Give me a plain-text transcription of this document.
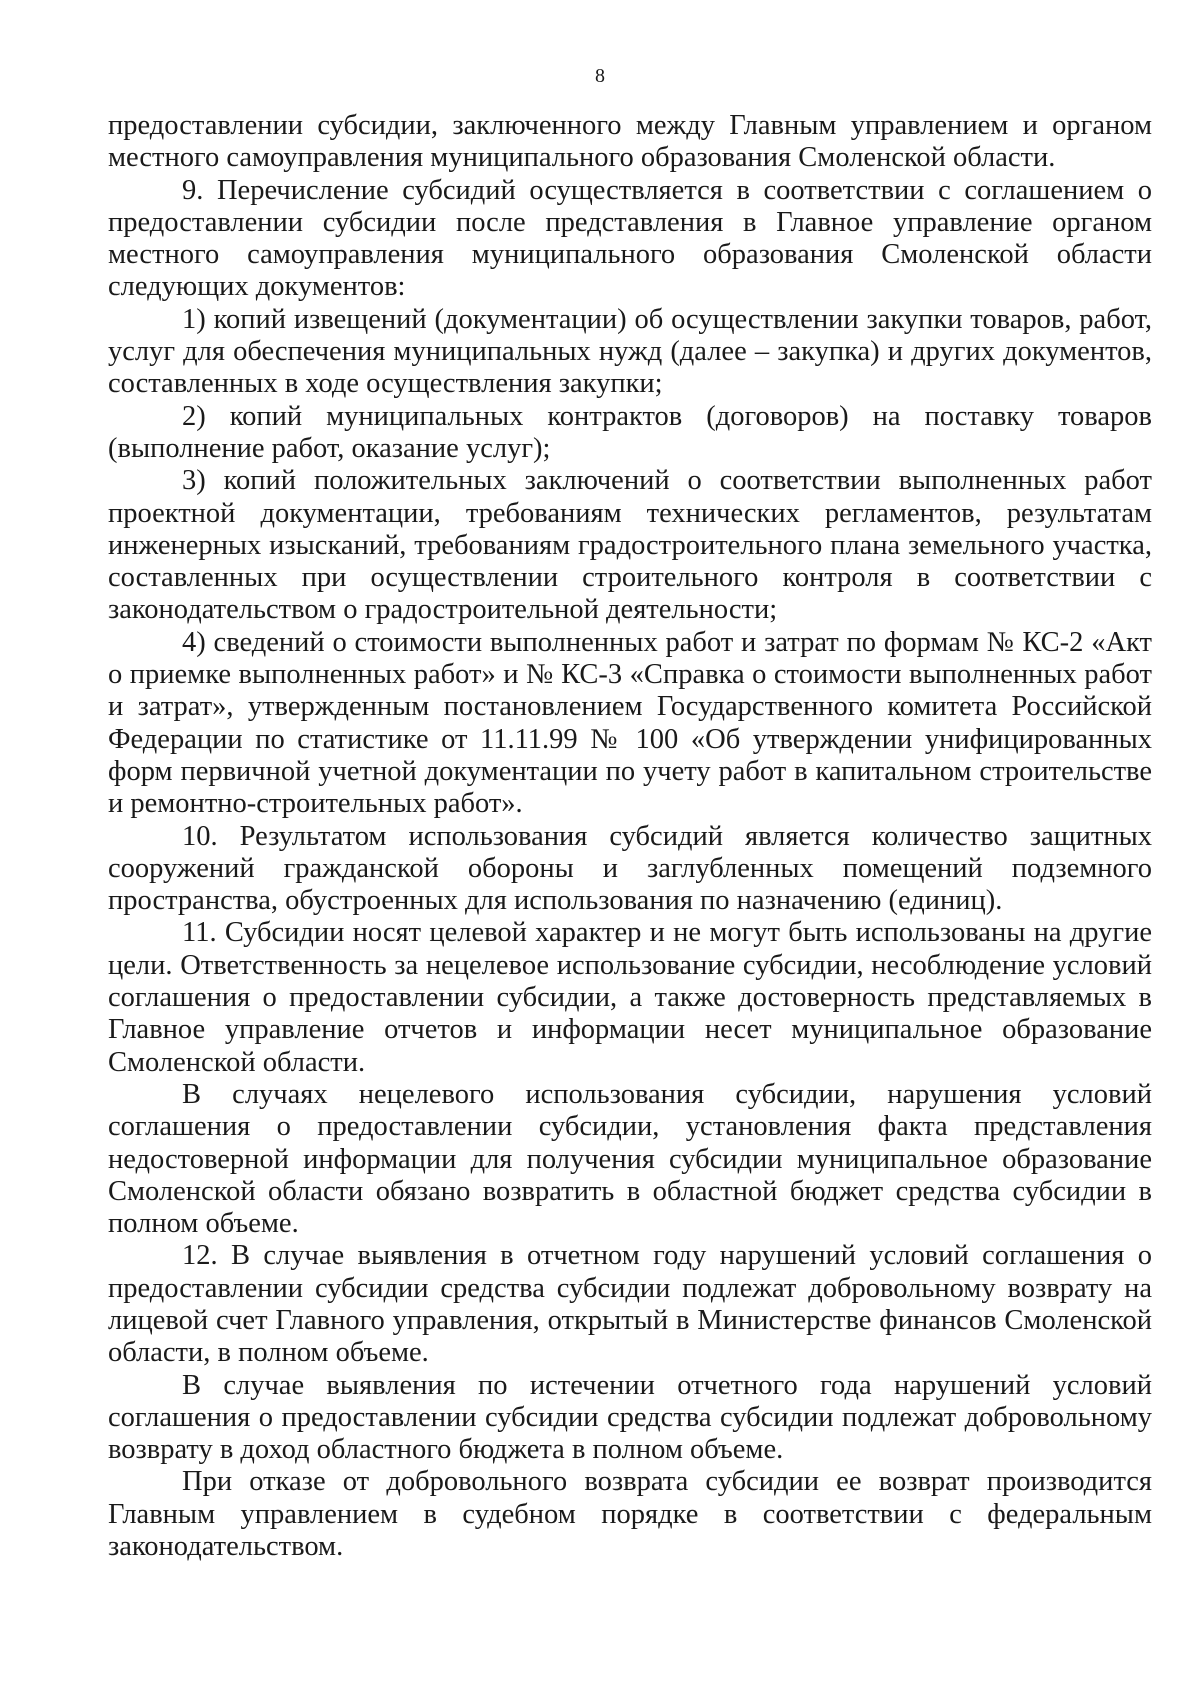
8

предоставлении субсидии, заключенного между Главным управлением и органом местного самоуправления муниципального образования Смоленской области.

9. Перечисление субсидий осуществляется в соответствии с соглашением о предоставлении субсидии после представления в Главное управление органом местного самоуправления муниципального образования Смоленской области следующих документов:

1) копий извещений (документации) об осуществлении закупки товаров, работ, услуг для обеспечения муниципальных нужд (далее – закупка) и других документов, составленных в ходе осуществления закупки;

2) копий муниципальных контрактов (договоров) на поставку товаров (выполнение работ, оказание услуг);

3) копий положительных заключений о соответствии выполненных работ проектной документации, требованиям технических регламентов, результатам инженерных изысканий, требованиям градостроительного плана земельного участка, составленных при осуществлении строительного контроля в соответствии с законодательством о градостроительной деятельности;

4) сведений о стоимости выполненных работ и затрат по формам № КС-2 «Акт о приемке выполненных работ» и № КС-3 «Справка о стоимости выполненных работ и затрат», утвержденным постановлением Государственного комитета Российской Федерации по статистике от 11.11.99 № 100 «Об утверждении унифицированных форм первичной учетной документации по учету работ в капитальном строительстве и ремонтно-строительных работ».

10. Результатом использования субсидий является количество защитных сооружений гражданской обороны и заглубленных помещений подземного пространства, обустроенных для использования по назначению (единиц).

11. Субсидии носят целевой характер и не могут быть использованы на другие цели. Ответственность за нецелевое использование субсидии, несоблюдение условий соглашения о предоставлении субсидии, а также достоверность представляемых в Главное управление отчетов и информации несет муниципальное образование Смоленской области.

В случаях нецелевого использования субсидии, нарушения условий соглашения о предоставлении субсидии, установления факта представления недостоверной информации для получения субсидии муниципальное образование Смоленской области обязано возвратить в областной бюджет средства субсидии в полном объеме.

12. В случае выявления в отчетном году нарушений условий соглашения о предоставлении субсидии средства субсидии подлежат добровольному возврату на лицевой счет Главного управления, открытый в Министерстве финансов Смоленской области, в полном объеме.

В случае выявления по истечении отчетного года нарушений условий соглашения о предоставлении субсидии средства субсидии подлежат добровольному возврату в доход областного бюджета в полном объеме.

При отказе от добровольного возврата субсидии ее возврат производится Главным управлением в судебном порядке в соответствии с федеральным законодательством.
